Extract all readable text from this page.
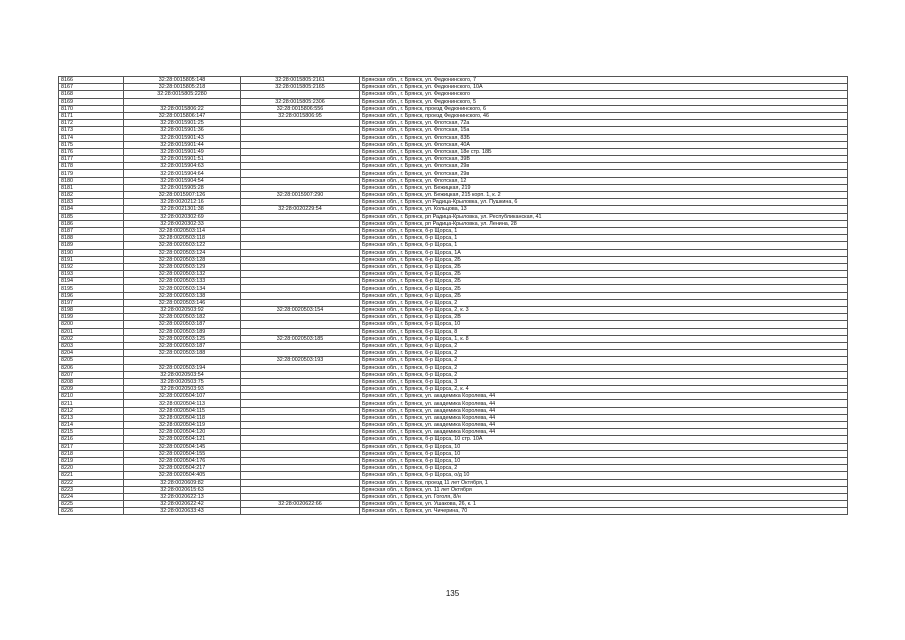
8166	32:28:0015805:148	32:28:0015805:2161	Брянская обл., г. Брянск, ул. Федюнинского, 7
8167	32:28:0015805:218	32:28:0015805:2165	Брянская обл., г. Брянск, ул. Федюнинского, 10А
8168	32:28:0015805:2280		Брянская обл., г. Брянск, ул. Федюнинского
8169		32:28:0015805:2306	Брянская обл., г. Брянск, ул. Федюнинского, 5
8170	32:28:0015806:22	32:28:0015806:556	Брянская обл., г. Брянск, проезд Федюнинского, 6
8171	32:28:0015806:147	32:28:0015806:95	Брянская обл., г. Брянск, проезд Федюнинского, 46
8172	32:28:0015901:25		Брянская обл., г. Брянск, ул. Флотская, 72а
8173	32:28:0015901:36		Брянская обл., г. Брянск, ул. Флотская, 15а
8174	32:28:0015901:43		Брянская обл., г. Брянск, ул. Флотская, 83Б
8175	32:28:0015901:44		Брянская обл., г. Брянск, ул. Флотская, 40А
8176	32:28:0015901:49		Брянская обл., г. Брянск, ул. Флотская, 18е стр. 18Б
8177	32:28:0015901:51		Брянская обл., г. Брянск, ул. Флотская, 39В
8178	32:28:0015904:63		Брянская обл., г. Брянск, ул. Флотская, 29в
8179	32:28:0015904:64		Брянская обл., г. Брянск, ул. Флотская, 29в
8180	32:28:0015904:54		Брянская обл., г. Брянск, ул. Флотская, 12
8181	32:28:0015905:28		Брянская обл., г. Брянск, ул. Бежицкая, 219
8182	32:28:0015907:126	32:28:0015907:290	Брянская обл., г. Брянск, ул. Бежицкая, 215 корп. 1, к. 2
8183	32:28:0020212:16		Брянская обл., г. Брянск, ул Радица-Крыловка, ул. Пушкина, 6
8184	32:28:0021301:38	32:28:0020229:54	Брянская обл., г. Брянск, ул. Кольцова, 13
8185	32:28:0020302:69		Брянская обл., г. Брянск, рп Радица-Крыловка, ул. Республиканская, 41
8186	32:28:0020302:33		Брянская обл., г. Брянск, рп Радица-Крыловка, ул. Ленина, 28
8187	32:28:0020503:114		Брянская обл., г. Брянск, б-р Щорса, 1
8188	32:28:0020503:118		Брянская обл., г. Брянск, б-р Щорса, 1
8189	32:28:0020503:122		Брянская обл., г. Брянск, б-р Щорса, 1
8190	32:28:0020503:124		Брянская обл., г. Брянск, б-р Щорса, 1А
8191	32:28:0020503:128		Брянская обл., г. Брянск, б-р Щорса, 2Б
8192	32:28:0020503:129		Брянская обл., г. Брянск, б-р Щорса, 2Б
8193	32:28:0020503:132		Брянская обл., г. Брянск, б-р Щорса, 2Б
8194	32:28:0020503:133		Брянская обл., г. Брянск, б-р Щорса, 2Б
8195	32:28:0020503:134		Брянская обл., г. Брянск, б-р Щорса, 2Б
8196	32:28:0020503:138		Брянская обл., г. Брянск, б-р Щорса, 2Б
8197	32:28:0020503:146		Брянская обл., г. Брянск, б-р Щорса, 2
8198	32:28:0020503:92	32:28:0020503:154	Брянская обл., г. Брянск, б-р Щорса, 2, к. 3
8199	32:28:0020503:182		Брянская обл., г. Брянск, б-р Щорса, 2В
8200	32:28:0020503:187		Брянская обл., г. Брянск, б-р Щорса, 10
8201	32:28:0020503:189		Брянская обл., г. Брянск, б-р Щорса, 8
8202	32:28:0020503:125	32:28:0020503:185	Брянская обл., г. Брянск, б-р Щорса, 1, к. 8
8203	32:28:0020503:187		Брянская обл., г. Брянск, б-р Щорса, 2
8204	32:28:0020503:188		Брянская обл., г. Брянск, б-р Щорса, 2
8205		32:28:0020503:193	Брянская обл., г. Брянск, б-р Щорса, 2
8206	32:28:0020503:194		Брянская обл., г. Брянск, б-р Щорса, 2
8207	32:28:0020503:54		Брянская обл., г. Брянск, б-р Щорса, 2
8208	32:28:0020503:75		Брянская обл., г. Брянск, б-р Щорса, 3
8209	32:28:0020503:93		Брянская обл., г. Брянск, б-р Щорса, 2, к. 4
8210	32:28:0020504:107		Брянская обл., г. Брянск, ул. академика Королева, 44
8211	32:28:0020504:113		Брянская обл., г. Брянск, ул. академика Королева, 44
8212	32:28:0020504:115		Брянская обл., г. Брянск, ул. академика Королева, 44
8213	32:28:0020504:118		Брянская обл., г. Брянск, ул. академика Королева, 44
8214	32:28:0020504:119		Брянская обл., г. Брянск, ул. академика Королева, 44
8215	32:28:0020504:120		Брянская обл., г. Брянск, ул. академика Королева, 44
8216	32:28:0020504:121		Брянская обл., г. Брянск, б-р Щорса, 10 стр. 10А
8217	32:28:0020504:145		Брянская обл., г. Брянск, б-р Щорса, 10
8218	32:28:0020504:155		Брянская обл., г. Брянск, б-р Щорса, 10
8219	32:28:0020504:176		Брянская обл., г. Брянск, б-р Щорса, 10
8220	32:28:0020504:217		Брянская обл., г. Брянск, б-р Щорса, 2
8221	32:28:0020504:405		Брянская обл., г. Брянск, б-р Щорса, о/д 10
8222	32:28:0020609:82		Брянская обл., г. Брянск, проезд 11 лет Октября, 1
8223	32:28:0020615:63		Брянская обл., г. Брянск, ул. 11 лет Октября
8224	32:28:0020622:13		Брянская обл., г. Брянск, ул. Гоголя, 8/н
8225	32:28:0020622:42	32:28:0020622:66	Брянская обл., г. Брянск, ул. Ушакова, 26, к. 1
8226	32:28:0020633:43		Брянская обл., г. Брянск, ул. Чичерина, 70
135
